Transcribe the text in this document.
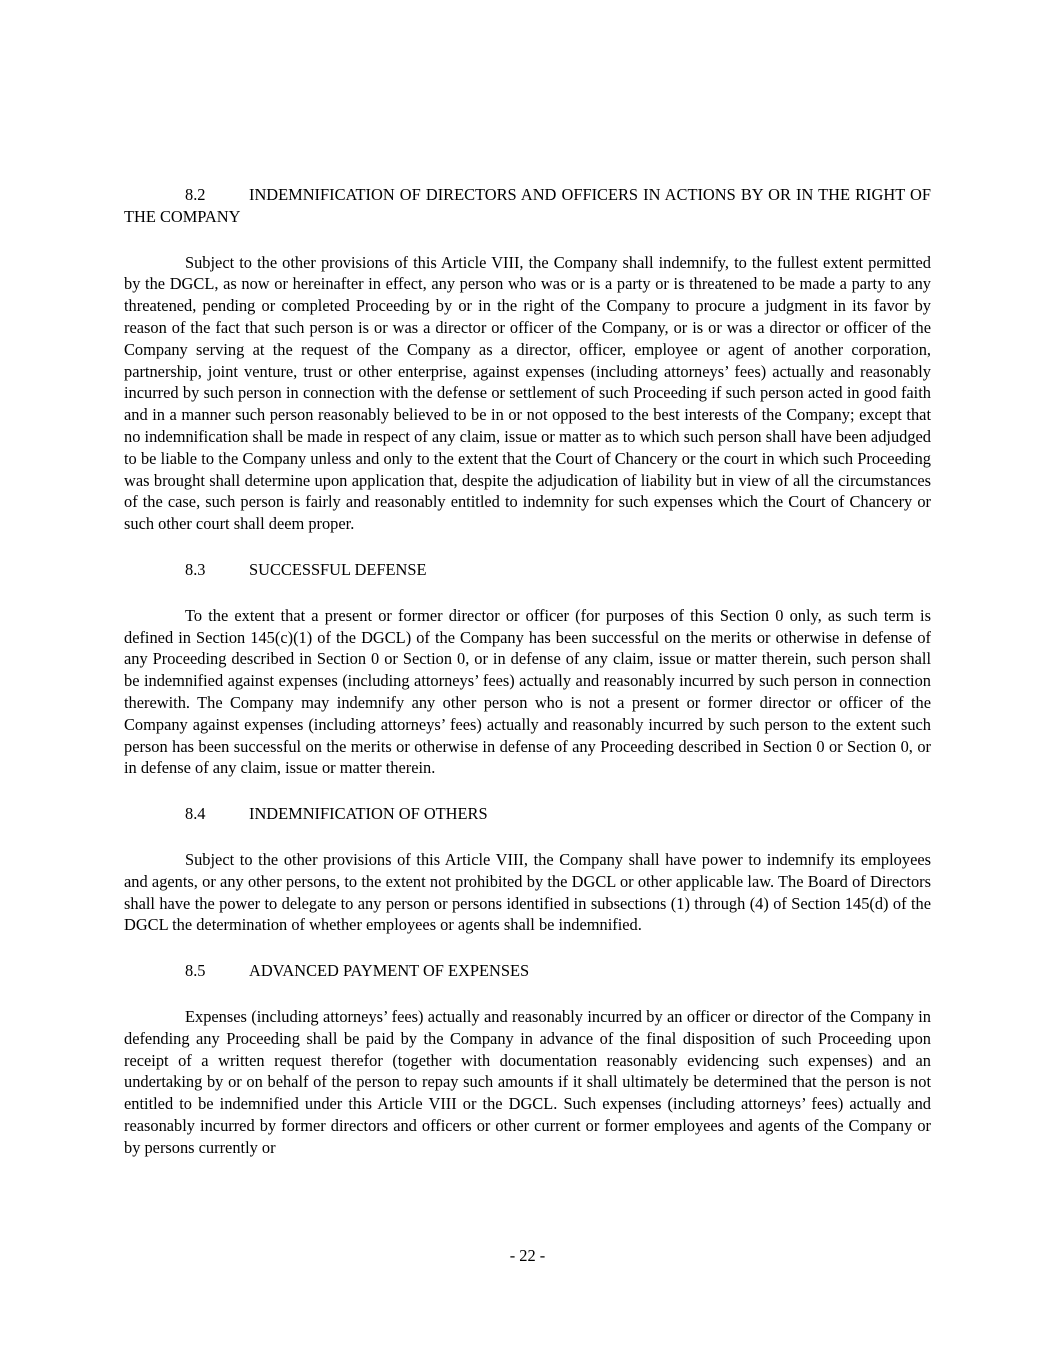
8.2	INDEMNIFICATION OF DIRECTORS AND OFFICERS IN ACTIONS BY OR IN THE RIGHT OF THE COMPANY

Subject to the other provisions of this Article VIII, the Company shall indemnify, to the fullest extent permitted by the DGCL, as now or hereinafter in effect, any person who was or is a party or is threatened to be made a party to any threatened, pending or completed Proceeding by or in the right of the Company to procure a judgment in its favor by reason of the fact that such person is or was a director or officer of the Company, or is or was a director or officer of the Company serving at the request of the Company as a director, officer, employee or agent of another corporation, partnership, joint venture, trust or other enterprise, against expenses (including attorneys’ fees) actually and reasonably incurred by such person in connection with the defense or settlement of such Proceeding if such person acted in good faith and in a manner such person reasonably believed to be in or not opposed to the best interests of the Company; except that no indemnification shall be made in respect of any claim, issue or matter as to which such person shall have been adjudged to be liable to the Company unless and only to the extent that the Court of Chancery or the court in which such Proceeding was brought shall determine upon application that, despite the adjudication of liability but in view of all the circumstances of the case, such person is fairly and reasonably entitled to indemnity for such expenses which the Court of Chancery or such other court shall deem proper.

8.3	SUCCESSFUL DEFENSE

To the extent that a present or former director or officer (for purposes of this Section 0 only, as such term is defined in Section 145(c)(1) of the DGCL) of the Company has been successful on the merits or otherwise in defense of any Proceeding described in Section 0 or Section 0, or in defense of any claim, issue or matter therein, such person shall be indemnified against expenses (including attorneys’ fees) actually and reasonably incurred by such person in connection therewith. The Company may indemnify any other person who is not a present or former director or officer of the Company against expenses (including attorneys’ fees) actually and reasonably incurred by such person to the extent such person has been successful on the merits or otherwise in defense of any Proceeding described in Section 0 or Section 0, or in defense of any claim, issue or matter therein.

8.4	INDEMNIFICATION OF OTHERS

Subject to the other provisions of this Article VIII, the Company shall have power to indemnify its employees and agents, or any other persons, to the extent not prohibited by the DGCL or other applicable law. The Board of Directors shall have the power to delegate to any person or persons identified in subsections (1) through (4) of Section 145(d) of the DGCL the determination of whether employees or agents shall be indemnified.

8.5	ADVANCED PAYMENT OF EXPENSES

Expenses (including attorneys’ fees) actually and reasonably incurred by an officer or director of the Company in defending any Proceeding shall be paid by the Company in advance of the final disposition of such Proceeding upon receipt of a written request therefor (together with documentation reasonably evidencing such expenses) and an undertaking by or on behalf of the person to repay such amounts if it shall ultimately be determined that the person is not entitled to be indemnified under this Article VIII or the DGCL. Such expenses (including attorneys’ fees) actually and reasonably incurred by former directors and officers or other current or former employees and agents of the Company or by persons currently or

- 22 -
